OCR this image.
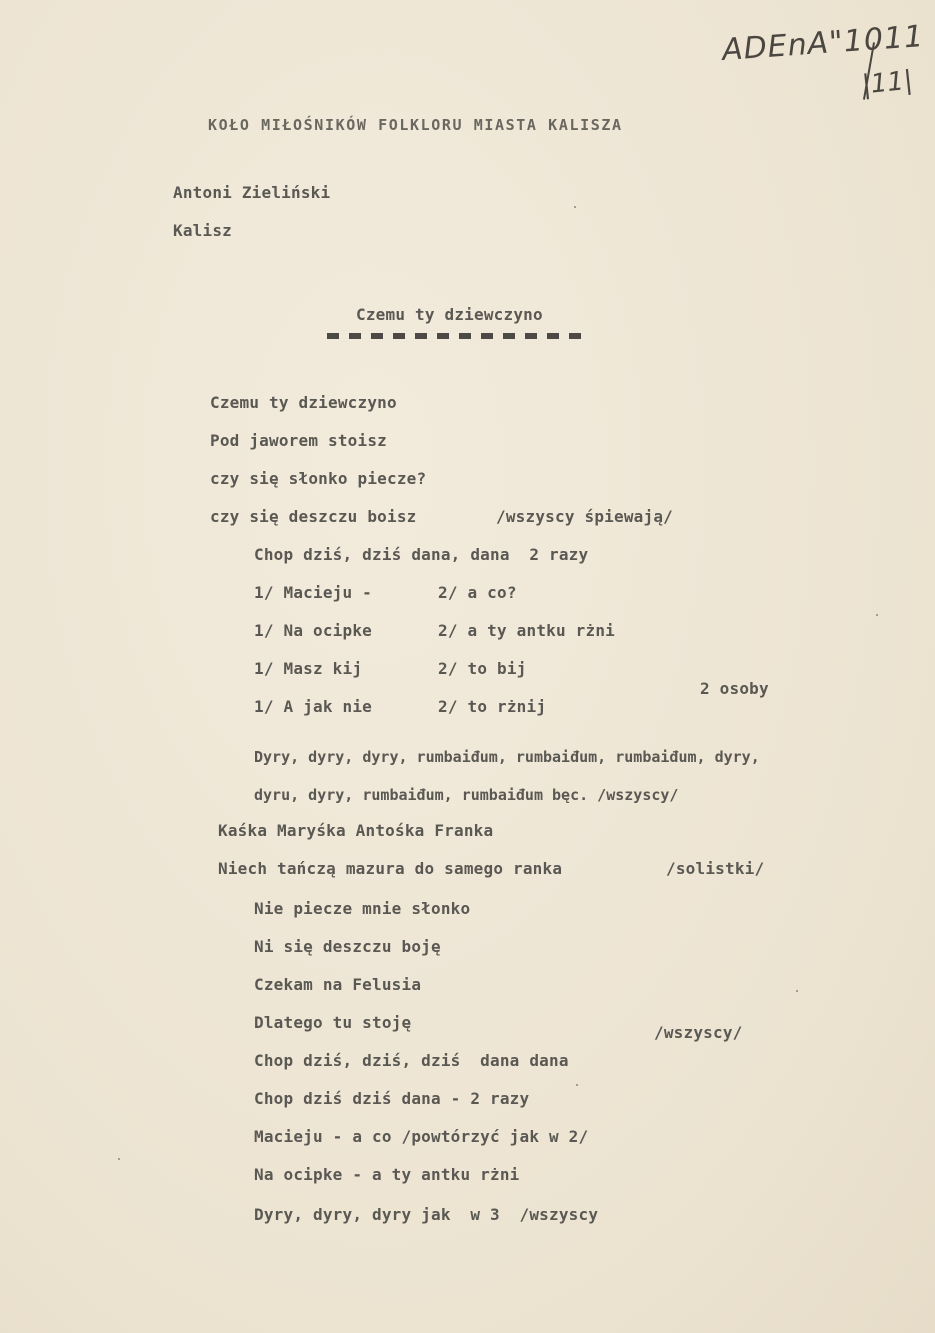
ADEnA"1011
|11|
KOŁO MIŁOŚNIKÓW FOLKLORU MIASTA KALISZA
Antoni Zieliński
Kalisz
Czemu ty dziewczyno
Czemu ty dziewczyno
Pod jaworem stoisz
czy się słonko piecze?
czy się deszczu boisz	/wszyscy śpiewają/
Chop dziś, dziś dana, dana  2 razy
1/ Macieju -	2/ a co?
1/ Na ocipke	2/ a ty antku rżni
1/ Masz kij	2/ to bij
2 osoby
1/ A jak nie	2/ to rżnij
Dyry, dyry, dyry, rumbaiđum, rumbaiđum, rumbaiđum, dyry,
dyru, dyry, rumbaiđum, rumbaiđum bęc. /wszyscy/
Kaśka Maryśka Antośka Franka
Niech tańczą mazura do samego ranka	/solistki/
Nie piecze mnie słonko
Ni się deszczu boję
Czekam na Felusia
Dlatego tu stoję
/wszyscy/
Chop dziś, dziś, dziś  dana dana
Chop dziś dziś dana - 2 razy
Macieju - a co /powtórzyć jak w 2/
Na ocipke - a ty antku rżni
Dyry, dyry, dyry jak  w 3  /wszyscy
